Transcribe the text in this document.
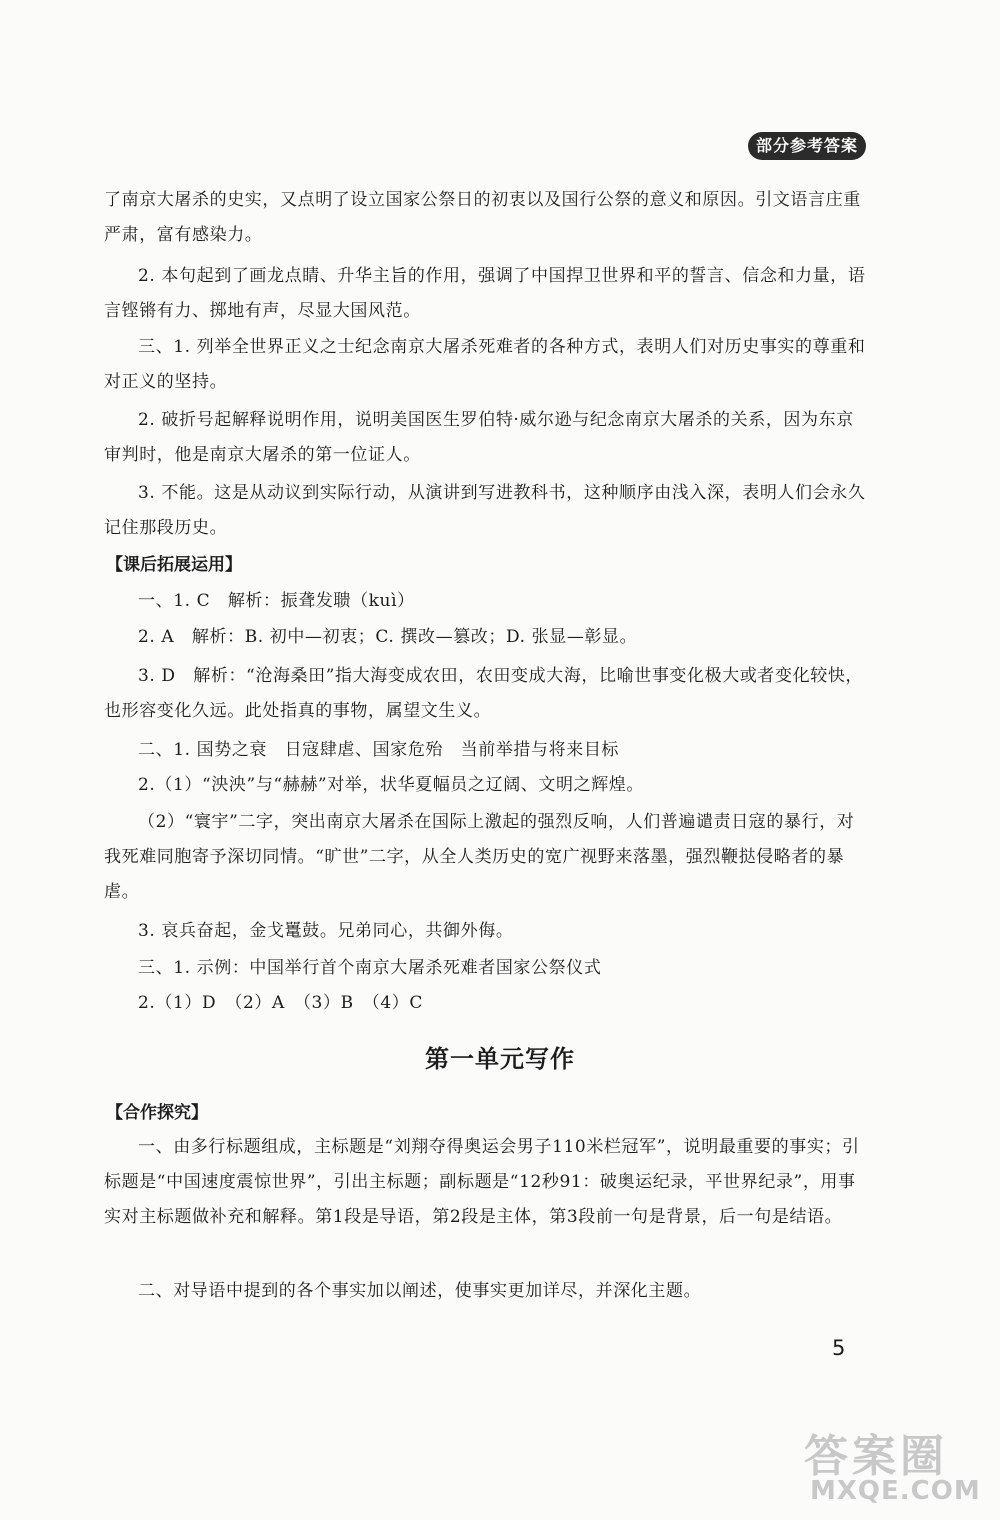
部分参考答案

了南京大屠杀的史实，又点明了设立国家公祭日的初衷以及国行公祭的意义和原因。引文语言庄重严肃，富有感染力。

2. 本句起到了画龙点睛、升华主旨的作用，强调了中国捍卫世界和平的誓言、信念和力量，语言铿锵有力、掷地有声，尽显大国风范。

三、1. 列举全世界正义之士纪念南京大屠杀死难者的各种方式，表明人们对历史事实的尊重和对正义的坚持。

2. 破折号起解释说明作用，说明美国医生罗伯特·威尔逊与纪念南京大屠杀的关系，因为东京审判时，他是南京大屠杀的第一位证人。

3. 不能。这是从动议到实际行动，从演讲到写进教科书，这种顺序由浅入深，表明人们会永久记住那段历史。

【课后拓展运用】

一、1. C　解析：振聋发聩（kuì）

2. A　解析：B. 初中—初衷；C. 撰改—篡改；D. 张显—彰显。

3. D　解析：“沧海桑田”指大海变成农田，农田变成大海，比喻世事变化极大或者变化较快，也形容变化久远。此处指真的事物，属望文生义。

二、1. 国势之衰　日寇肆虐、国家危殆　当前举措与将来目标

2.（1）“泱泱”与“赫赫”对举，状华夏幅员之辽阔、文明之辉煌。

（2）“寰宇”二字，突出南京大屠杀在国际上激起的强烈反响，人们普遍谴责日寇的暴行，对我死难同胞寄予深切同情。“旷世”二字，从全人类历史的宽广视野来落墨，强烈鞭挞侵略者的暴虐。

3. 哀兵奋起，金戈鼍鼓。兄弟同心，共御外侮。

三、1. 示例：中国举行首个南京大屠杀死难者国家公祭仪式

2.（1）D　（2）A　（3）B　（4）C

第一单元写作
【合作探究】

一、由多行标题组成，主标题是“刘翔夺得奥运会男子110米栏冠军”，说明最重要的事实；引标题是“中国速度震惊世界”，引出主标题；副标题是“12秒91：破奥运纪录，平世界纪录”，用事实对主标题做补充和解释。第1段是导语，第2段是主体，第3段前一句是背景，后一句是结语。

二、对导语中提到的各个事实加以阐述，使事实更加详尽，并深化主题。

5
答案圈
MXQE.COM
